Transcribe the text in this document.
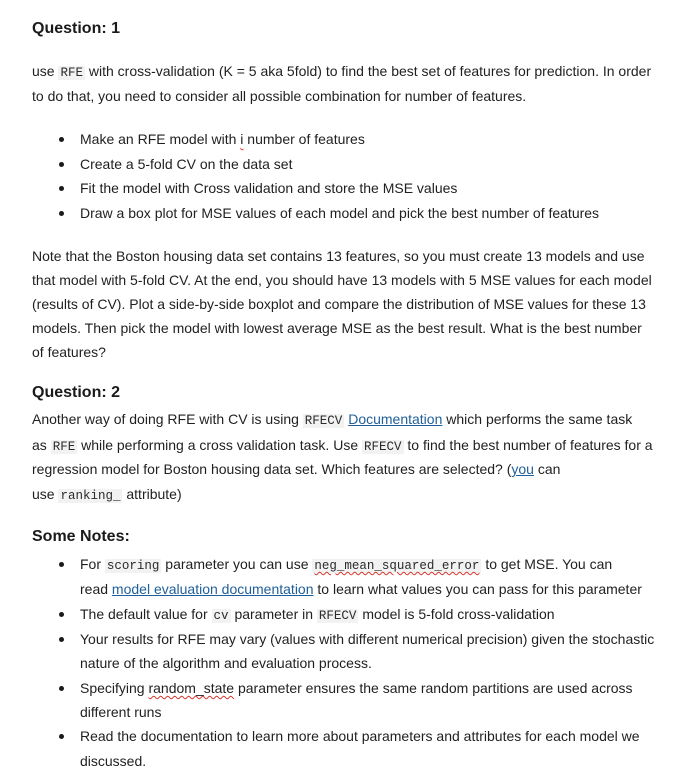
Question: 1
use RFE with cross-validation (K = 5 aka 5fold) to find the best set of features for prediction. In order
to do that, you need to consider all possible combination for number of features.
Make an RFE model with i number of features
Create a 5-fold CV on the data set
Fit the model with Cross validation and store the MSE values
Draw a box plot for MSE values of each model and pick the best number of features
Note that the Boston housing data set contains 13 features, so you must create 13 models and use
that model with 5-fold CV. At the end, you should have 13 models with 5 MSE values for each model
(results of CV). Plot a side-by-side boxplot and compare the distribution of MSE values for these 13
models. Then pick the model with lowest average MSE as the best result. What is the best number
of features?
Question: 2
Another way of doing RFE with CV is using RFECV Documentation which performs the same task
as RFE while performing a cross validation task. Use RFECV to find the best number of features for a
regression model for Boston housing data set. Which features are selected? (you can
use ranking_ attribute)
Some Notes:
For scoring parameter you can use neg_mean_squared_error to get MSE. You can
read model evaluation documentation to learn what values you can pass for this parameter
The default value for cv parameter in RFECV model is 5-fold cross-validation
Your results for RFE may vary (values with different numerical precision) given the stochastic
nature of the algorithm and evaluation process.
Specifying random_state parameter ensures the same random partitions are used across
different runs
Read the documentation to learn more about parameters and attributes for each model we
discussed.
